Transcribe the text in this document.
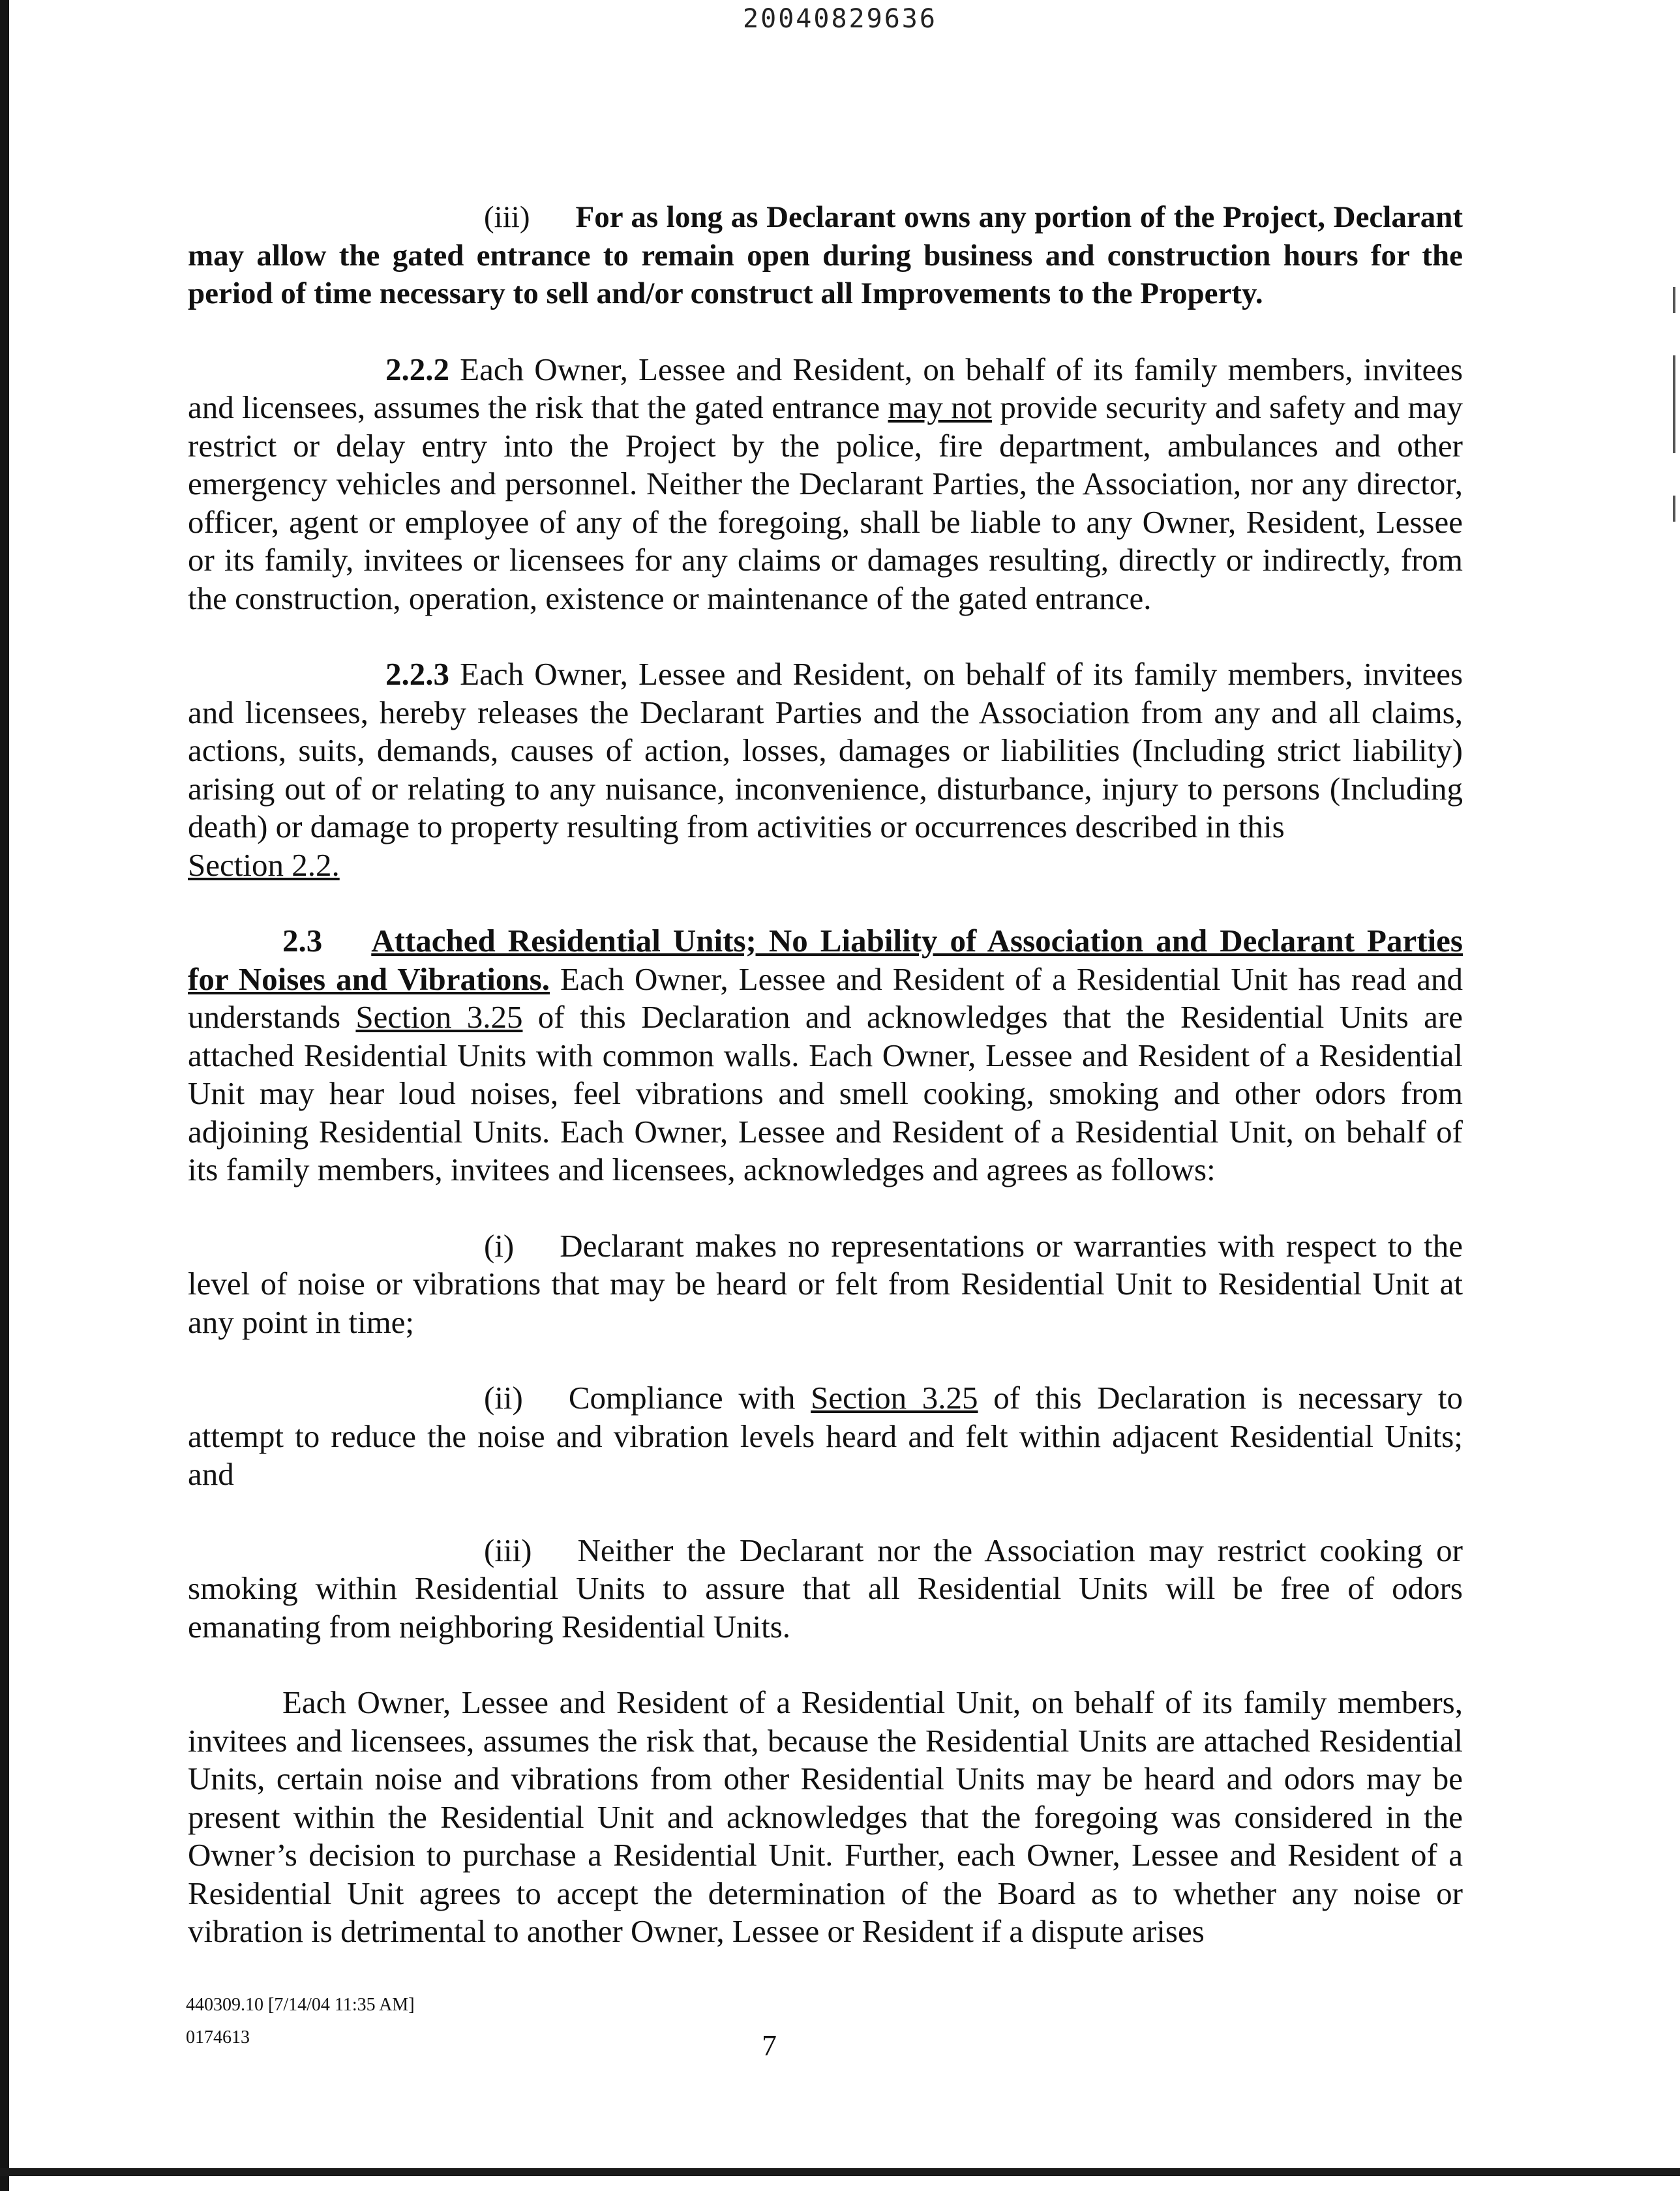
20040829636

(iii) For as long as Declarant owns any portion of the Project, Declarant may allow the gated entrance to remain open during business and construction hours for the period of time necessary to sell and/or construct all Improvements to the Property.

2.2.2 Each Owner, Lessee and Resident, on behalf of its family members, invitees and licensees, assumes the risk that the gated entrance may not provide security and safety and may restrict or delay entry into the Project by the police, fire department, ambulances and other emergency vehicles and personnel. Neither the Declarant Parties, the Association, nor any director, officer, agent or employee of any of the foregoing, shall be liable to any Owner, Resident, Lessee or its family, invitees or licensees for any claims or damages resulting, directly or indirectly, from the construction, operation, existence or maintenance of the gated entrance.

2.2.3 Each Owner, Lessee and Resident, on behalf of its family members, invitees and licensees, hereby releases the Declarant Parties and the Association from any and all claims, actions, suits, demands, causes of action, losses, damages or liabilities (Including strict liability) arising out of or relating to any nuisance, inconvenience, disturbance, injury to persons (Including death) or damage to property resulting from activities or occurrences described in this
Section 2.2.

2.3 Attached Residential Units; No Liability of Association and Declarant Parties for Noises and Vibrations. Each Owner, Lessee and Resident of a Residential Unit has read and understands Section 3.25 of this Declaration and acknowledges that the Residential Units are attached Residential Units with common walls. Each Owner, Lessee and Resident of a Residential Unit may hear loud noises, feel vibrations and smell cooking, smoking and other odors from adjoining Residential Units. Each Owner, Lessee and Resident of a Residential Unit, on behalf of its family members, invitees and licensees, acknowledges and agrees as follows:

(i) Declarant makes no representations or warranties with respect to the level of noise or vibrations that may be heard or felt from Residential Unit to Residential Unit at any point in time;

(ii) Compliance with Section 3.25 of this Declaration is necessary to attempt to reduce the noise and vibration levels heard and felt within adjacent Residential Units; and

(iii) Neither the Declarant nor the Association may restrict cooking or smoking within Residential Units to assure that all Residential Units will be free of odors emanating from neighboring Residential Units.

Each Owner, Lessee and Resident of a Residential Unit, on behalf of its family members, invitees and licensees, assumes the risk that, because the Residential Units are attached Residential Units, certain noise and vibrations from other Residential Units may be heard and odors may be present within the Residential Unit and acknowledges that the foregoing was considered in the Owner’s decision to purchase a Residential Unit. Further, each Owner, Lessee and Resident of a Residential Unit agrees to accept the determination of the Board as to whether any noise or vibration is detrimental to another Owner, Lessee or Resident if a dispute arises

440309.10 [7/14/04 11:35 AM]
0174613	7
